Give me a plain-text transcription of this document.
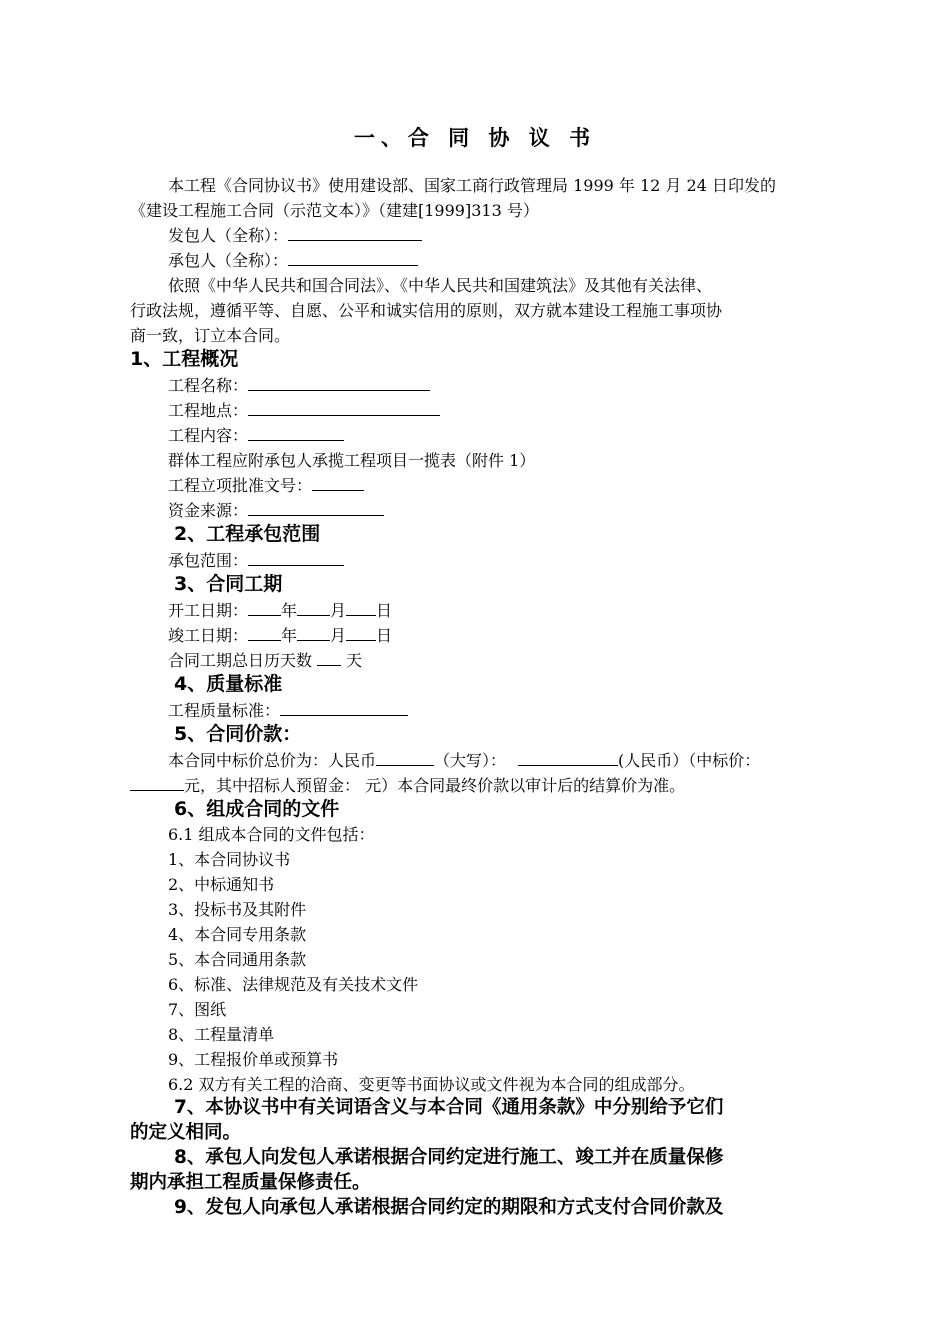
一、合 同 协 议 书
本工程《合同协议书》使用建设部、国家工商行政管理局 1999 年 12 月 24 日印发的
《建设工程施工合同（示范文本）》（建建[1999]313 号）
发包人（全称）：
承包人（全称）：
依照《中华人民共和国合同法》、《中华人民共和国建筑法》及其他有关法律、
行政法规，遵循平等、自愿、公平和诚实信用的原则，双方就本建设工程施工事项协
商一致，订立本合同。
1、工程概况
工程名称：
工程地点：
工程内容：
群体工程应附承包人承揽工程项目一揽表（附件 1）
工程立项批准文号：
资金来源：
2、工程承包范围
承包范围：
3、合同工期
开工日期： 年 月 日
竣工日期： 年 月 日
合同工期总日历天数  天
4、质量标准
工程质量标准：
5、合同价款：
本合同中标价总价为：人民币	（大写）：	(人民币）（中标价：
元，其中招标人预留金： 元）本合同最终价款以审计后的结算价为准。
6、组成合同的文件
6.1 组成本合同的文件包括：
1、本合同协议书
2、中标通知书
3、投标书及其附件
4、本合同专用条款
5、本合同通用条款
6、标准、法律规范及有关技术文件
7、图纸
8、工程量清单
9、工程报价单或预算书
6.2 双方有关工程的洽商、变更等书面协议或文件视为本合同的组成部分。
7、本协议书中有关词语含义与本合同《通用条款》中分别给予它们
的定义相同。
8、承包人向发包人承诺根据合同约定进行施工、竣工并在质量保修
期内承担工程质量保修责任。
9、发包人向承包人承诺根据合同约定的期限和方式支付合同价款及
